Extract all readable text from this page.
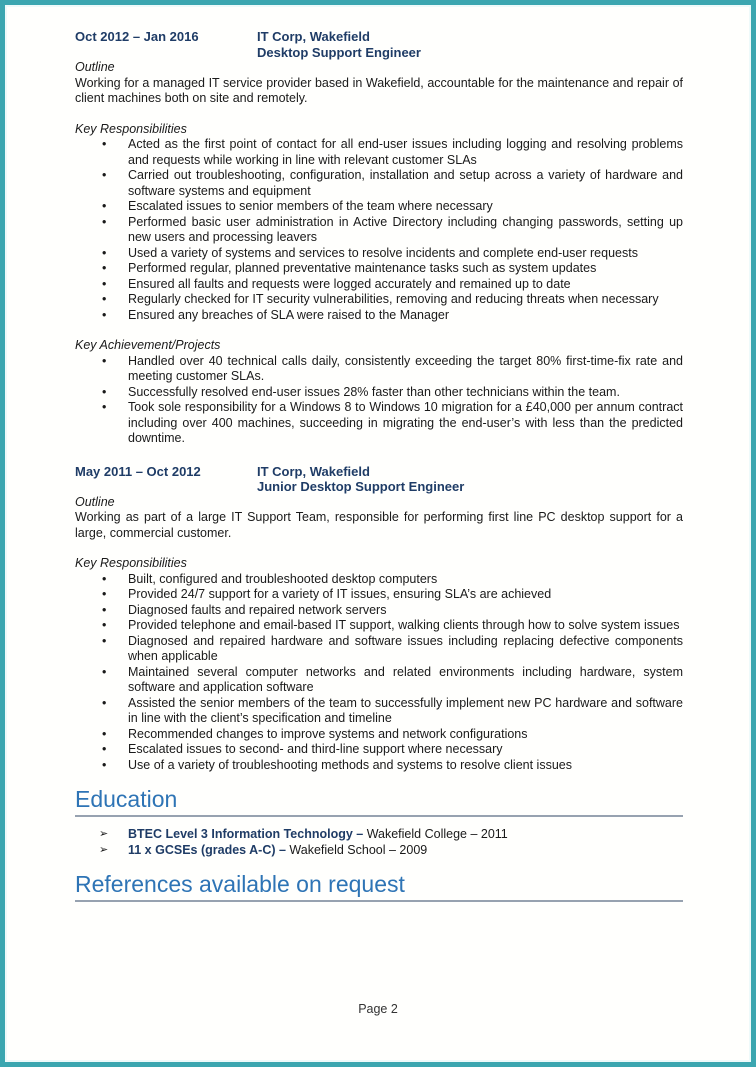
Oct 2012 – Jan 2016	IT Corp, Wakefield
Desktop Support Engineer
Outline

Working for a managed IT service provider based in Wakefield, accountable for the maintenance and repair of client machines both on site and remotely.

Key Responsibilities
• Acted as the first point of contact for all end-user issues including logging and resolving problems and requests while working in line with relevant customer SLAs
• Carried out troubleshooting, configuration, installation and setup across a variety of hardware and software systems and equipment
• Escalated issues to senior members of the team where necessary
• Performed basic user administration in Active Directory including changing passwords, setting up new users and processing leavers
• Used a variety of systems and services to resolve incidents and complete end-user requests
• Performed regular, planned preventative maintenance tasks such as system updates
• Ensured all faults and requests were logged accurately and remained up to date
• Regularly checked for IT security vulnerabilities, removing and reducing threats when necessary
• Ensured any breaches of SLA were raised to the Manager
Key Achievement/Projects
• Handled over 40 technical calls daily, consistently exceeding the target 80% first-time-fix rate and meeting customer SLAs.
• Successfully resolved end-user issues 28% faster than other technicians within the team.
• Took sole responsibility for a Windows 8 to Windows 10 migration for a £40,000 per annum contract including over 400 machines, succeeding in migrating the end-user’s with less than the predicted downtime.
May 2011 – Oct 2012	IT Corp, Wakefield
Junior Desktop Support Engineer
Outline

Working as part of a large IT Support Team, responsible for performing first line PC desktop support for a large, commercial customer.

Key Responsibilities
• Built, configured and troubleshooted desktop computers
• Provided 24/7 support for a variety of IT issues, ensuring SLA’s are achieved
• Diagnosed faults and repaired network servers
• Provided telephone and email-based IT support, walking clients through how to solve system issues
• Diagnosed and repaired hardware and software issues including replacing defective components when applicable
• Maintained several computer networks and related environments including hardware, system software and application software
• Assisted the senior members of the team to successfully implement new PC hardware and software in line with the client’s specification and timeline
• Recommended changes to improve systems and network configurations
• Escalated issues to second- and third-line support where necessary
• Use of a variety of troubleshooting methods and systems to resolve client issues
Education
➢ BTEC Level 3 Information Technology – Wakefield College – 2011
➢ 11 x GCSEs (grades A-C) – Wakefield School – 2009
References available on request
Page 2
